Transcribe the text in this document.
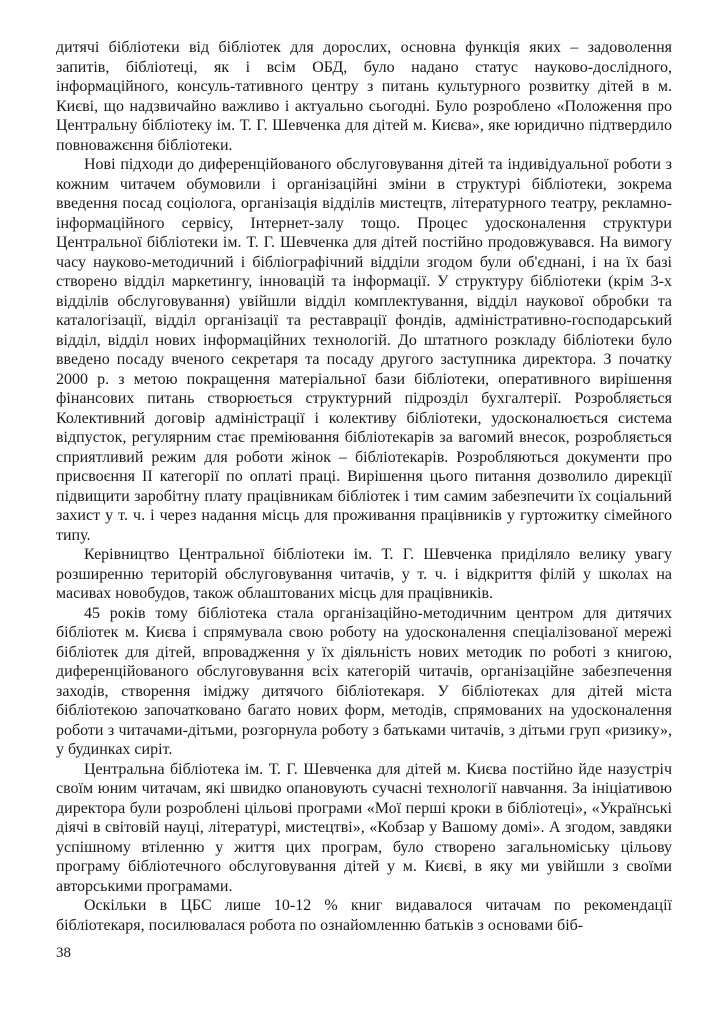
дитячі бібліотеки від бібліотек для дорослих, основна функція яких – задоволення запитів, бібліотеці, як і всім ОБД, було надано статус науково-дослідного, інформаційного, консуль-тативного центру з питань культурного розвитку дітей в м. Києві, що надзвичайно важливо і актуально сьогодні. Було розроблено «Положення про Центральну бібліотеку ім. Т. Г. Шевченка для дітей м. Києва», яке юридично підтвердило повноважєння бібліотеки.

Нові підходи до диференційованого обслуговування дітей та індивідуальної роботи з кожним читачем обумовили і організаційні зміни в структурі бібліотеки, зокрема введення посад соціолога, організація відділів мистецтв, літературного театру, рекламно-інформаційного сервісу, Інтернет-залу тощо. Процес удосконалення структури Центральної бібліотеки ім. Т. Г. Шевченка для дітей постійно продовжувався. На вимогу часу науково-методичний і бібліографічний відділи згодом були об'єднані, і на їх базі створено відділ маркетингу, інновацій та інформації. У структуру бібліотеки (крім 3-х відділів обслуговування) увійшли відділ комплектування, відділ наукової обробки та каталогізації, відділ організації та реставрації фондів, адміністративно-господарський відділ, відділ нових інформаційних технологій. До штатного розкладу бібліотеки було введено посаду вченого секретаря та посаду другого заступника директора. З початку 2000 р. з метою покращення матеріальної бази бібліотеки, оперативного вирішення фінансових питань створюється структурний підрозділ бухгалтерії. Розробляється Колективний договір адміністрації і колективу бібліотеки, удосконалюється система відпусток, регулярним стає преміювання бібліотекарів за вагомий внесок, розробляється сприятливий режим для роботи жінок – бібліотекарів. Розробляються документи про присвоєння ІІ категорії по оплаті праці. Вирішення цього питання дозволило дирекції підвищити заробітну плату працівникам бібліотек і тим самим забезпечити їх соціальний захист у т. ч. і через надання місць для проживання працівників у гуртожитку сімейного типу.

Керівництво Центральної бібліотеки ім. Т. Г. Шевченка приділяло велику увагу розширенню територій обслуговування читачів, у т. ч. і відкриття філій у школах на масивах новобудов, також облаштованих місць для працівників.

45 років тому бібліотека стала організаційно-методичним центром для дитячих бібліотек м. Києва і спрямувала свою роботу на удосконалення спеціалізованої мережі бібліотек для дітей, впровадження у їх діяльність нових методик по роботі з книгою, диференційованого обслуговування всіх категорій читачів, організаційне забезпечення заходів, створення іміджу дитячого бібліотекаря. У бібліотеках для дітей міста бібліотекою започатковано багато нових форм, методів, спрямованих на удосконалення роботи з читачами-дітьми, розгорнула роботу з батьками читачів, з дітьми груп «ризику», у будинках сиріт.

Центральна бібліотека ім. Т. Г. Шевченка для дітей м. Києва постійно йде назустріч своїм юним читачам, які швидко опановують сучасні технології навчання. За ініціативою директора були розроблені цільові програми «Мої перші кроки в бібліотеці», «Українські діячі в світовій науці, літературі, мистецтві», «Кобзар у Вашому домі». А згодом, завдяки успішному втіленню у життя цих програм, було створено загальноміську цільову програму бібліотечного обслуговування дітей у м. Києві, в яку ми увійшли з своїми авторськими програмами.

Оскільки в ЦБС лише 10-12 % книг видавалося читачам по рекомендації бібліотекаря, посилювалася робота по ознайомленню батьків з основами біб-

38
